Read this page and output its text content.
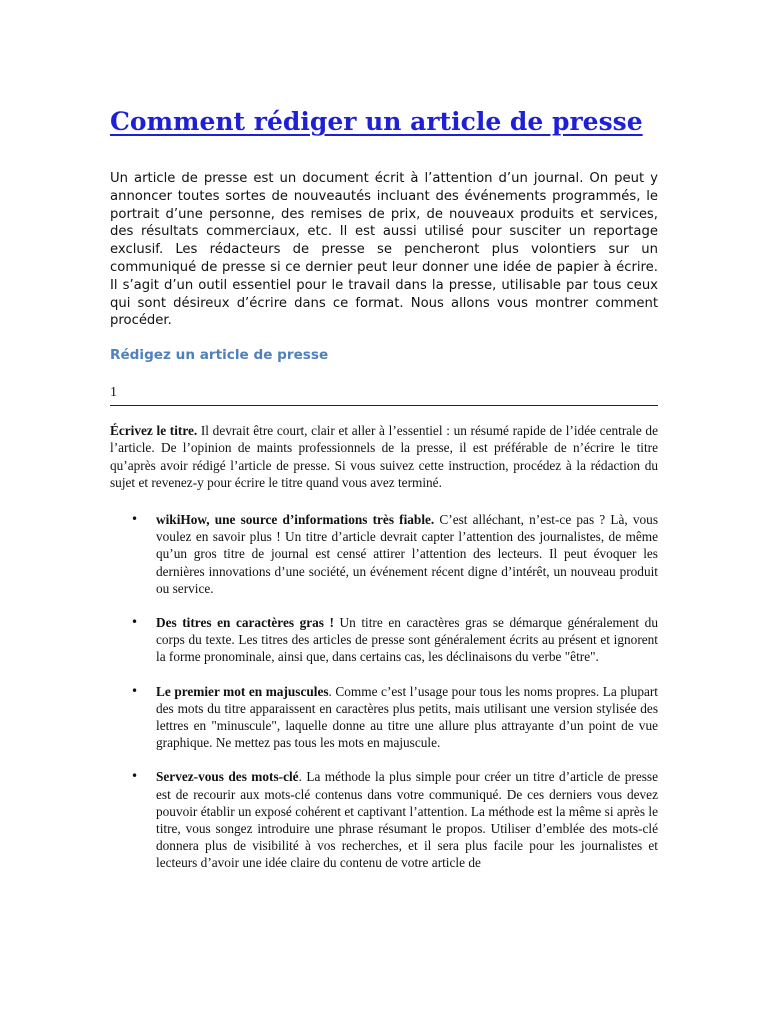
Comment rédiger un article de presse

Un article de presse est un document écrit à l’attention d’un journal. On peut y annoncer toutes sortes de nouveautés incluant des événements programmés, le portrait d’une personne, des remises de prix, de nouveaux produits et services, des résultats commerciaux, etc. Il est aussi utilisé pour susciter un reportage exclusif. Les rédacteurs de presse se pencheront plus volontiers sur un communiqué de presse si ce dernier peut leur donner une idée de papier à écrire. Il s’agit d’un outil essentiel pour le travail dans la presse, utilisable par tous ceux qui sont désireux d’écrire dans ce format. Nous allons vous montrer comment procéder.

Rédigez un article de presse
1

Écrivez le titre. Il devrait être court, clair et aller à l’essentiel : un résumé rapide de l’idée centrale de l’article. De l’opinion de maints professionnels de la presse, il est préférable de n’écrire le titre qu’après avoir rédigé l’article de presse. Si vous suivez cette instruction, procédez à la rédaction du sujet et revenez-y pour écrire le titre quand vous avez terminé.

• wikiHow, une source d’informations très fiable. C’est alléchant, n’est-ce pas ? Là, vous voulez en savoir plus ! Un titre d’article devrait capter l’attention des journalistes, de même qu’un gros titre de journal est censé attirer l’attention des lecteurs. Il peut évoquer les dernières innovations d’une société, un événement récent digne d’intérêt, un nouveau produit ou service.
• Des titres en caractères gras ! Un titre en caractères gras se démarque généralement du corps du texte. Les titres des articles de presse sont généralement écrits au présent et ignorent la forme pronominale, ainsi que, dans certains cas, les déclinaisons du verbe "être".
• Le premier mot en majuscules. Comme c’est l’usage pour tous les noms propres. La plupart des mots du titre apparaissent en caractères plus petits, mais utilisant une version stylisée des lettres en "minuscule", laquelle donne au titre une allure plus attrayante d’un point de vue graphique. Ne mettez pas tous les mots en majuscule.
• Servez-vous des mots-clé. La méthode la plus simple pour créer un titre d’article de presse est de recourir aux mots-clé contenus dans votre communiqué. De ces derniers vous devez pouvoir établir un exposé cohérent et captivant l’attention. La méthode est la même si après le titre, vous songez introduire une phrase résumant le propos. Utiliser d’emblée des mots-clé donnera plus de visibilité à vos recherches, et il sera plus facile pour les journalistes et lecteurs d’avoir une idée claire du contenu de votre article de
